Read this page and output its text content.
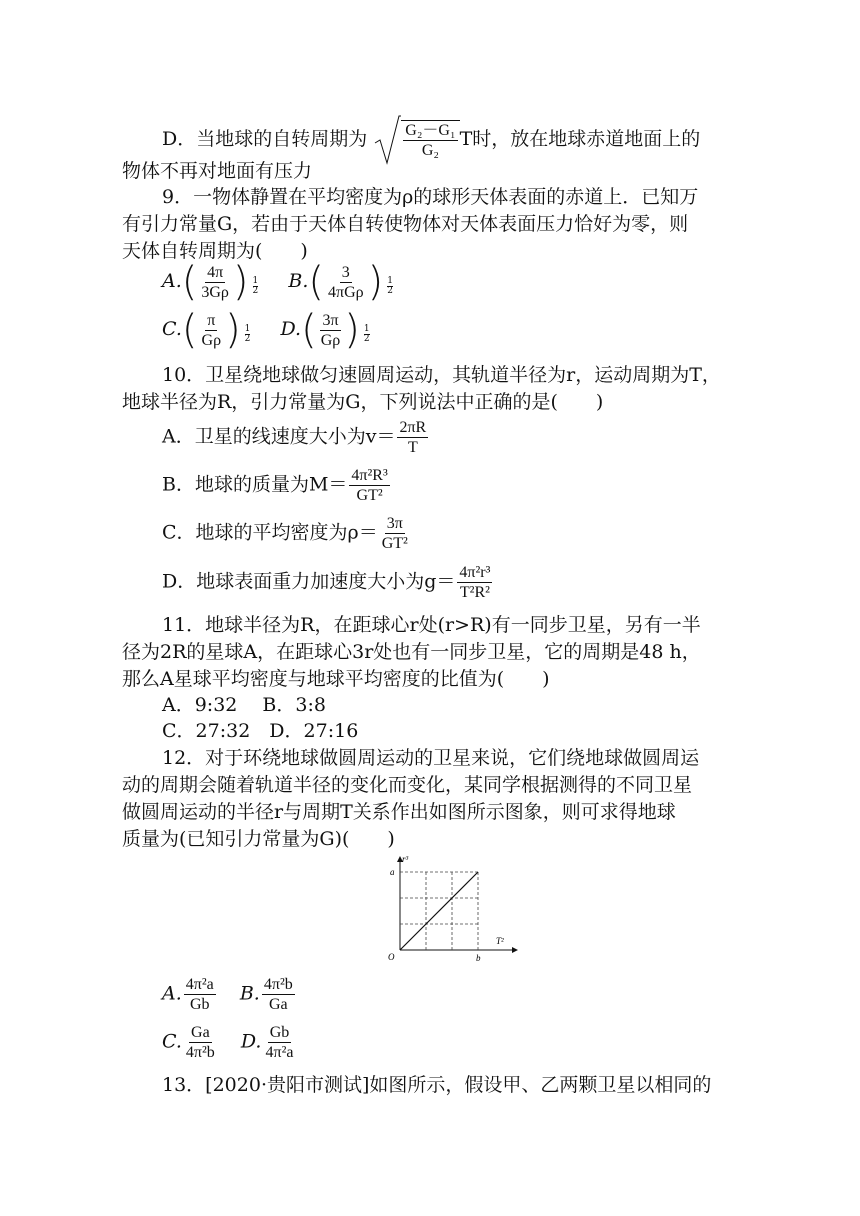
D．当地球的自转周期为 $\frac{\text{G₂－G₁}}{\text{G₂}}$ T时，放在地球赤道地面上的
物体不再对地面有压力
9．一物体静置在平均密度为ρ的球形天体表面的赤道上．已知万
有引力常量G，若由于天体自转使物体对天体表面压力恰好为零，则
天体自转周期为(　　)
A. ( $\frac{4\pi}{3G\rho}$ ) $\frac{1}{2} B$. ( $\frac{3}{\text{4πGρ}}$ ) $\frac{1}{2}$
C. ( $\frac{\pi}{G\rho}$ ) $\frac{1}{2} D$. ( $\frac{3\pi}{G\rho}$ ) $\frac{1}{2}$
10．卫星绕地球做匀速圆周运动，其轨道半径为r，运动周期为T，
地球半径为R，引力常量为G，下列说法中正确的是(　　)
A．卫星的线速度大小为$v= \frac{2\pi R}{T}$
B．地球的质量为$M= \frac{\text{4π²R³}}{\text{GT²}}$
C．地球的平均密度为$\rho= \frac{3\pi}{\text{GT²}}$
D．地球表面重力加速度大小为$g= \frac{\text{4π²r³}}{\text{T²R²}}$
11．地球半径为R，在距球心r处(r>R)有一同步卫星，另有一半
径为2R的星球A，在距球心3r处也有一同步卫星，它的周期是48 h，
那么A星球平均密度与地球平均密度的比值为(　　)
A．9:32　 B．3:8
C．27:32　D．27:16
12．对于环绕地球做圆周运动的卫星来说，它们绕地球做圆周运
动的周期会随着轨道半径的变化而变化，某同学根据测得的不同卫星
做圆周运动的半径r与周期T关系作出如图所示图象，则可求得地球
质量为(已知引力常量为G)(　　)
r³
T²
O
a
b
A. $\frac{\text{4π²a}}{Gb} B$. $\frac{\text{4π²b}}{Ga}$
C. $\frac{Ga}{\text{4π²b}} D$. $\frac{Gb}{\text{4π²a}}$
13．[2020·贵阳市测试]如图所示，假设甲、乙两颗卫星以相同的
